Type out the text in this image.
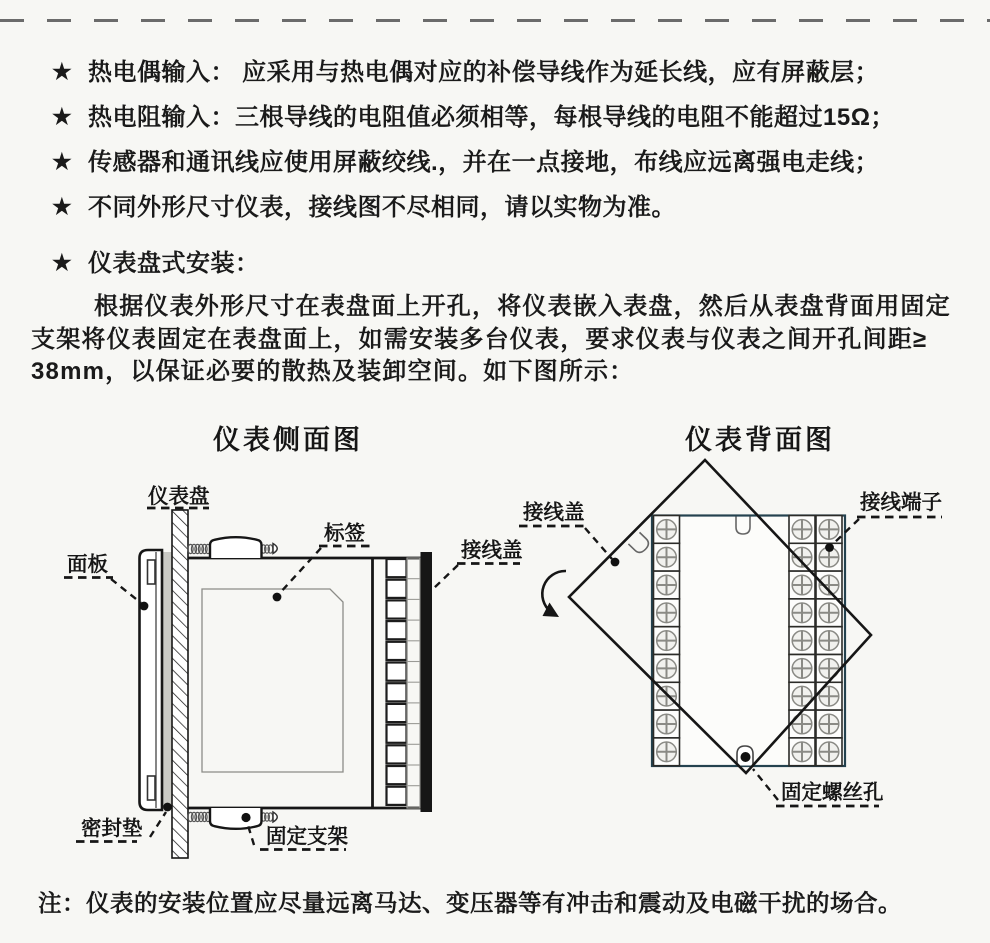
★ 热电偶输入： 应采用与热电偶对应的补偿导线作为延长线，应有屏蔽层；
★ 热电阻输入：三根导线的电阻值必须相等，每根导线的电阻不能超过15Ω；
★ 传感器和通讯线应使用屏蔽绞线.，并在一点接地，布线应远离强电走线；
★ 不同外形尺寸仪表，接线图不尽相同，请以实物为准。
★ 仪表盘式安装：
根据仪表外形尺寸在表盘面上开孔，将仪表嵌入表盘，然后从表盘背面用固定
支架将仪表固定在表盘面上，如需安装多台仪表，要求仪表与仪表之间开孔间距≥
38mm，以保证必要的散热及装卸空间。如下图所示：
仪表侧面图
仪表盘
面板
标签
接线盖
密封垫	固定支架
仪表背面图
接线盖	接线端子
固定螺丝孔
注：仪表的安装位置应尽量远离马达、变压器等有冲击和震动及电磁干扰的场合。
